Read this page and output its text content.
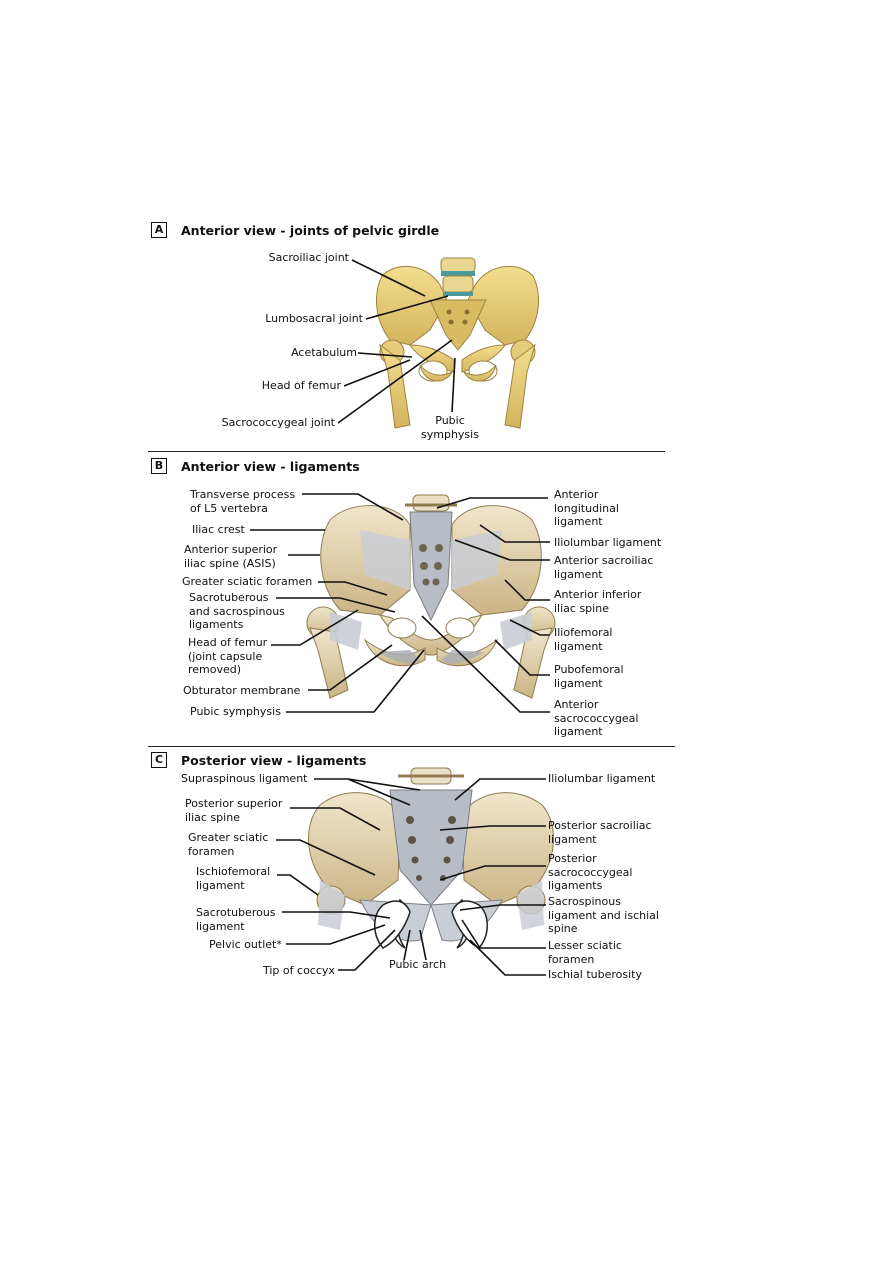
A	Anterior view - joints of pelvic girdle
Sacroiliac joint
Lumbosacral joint
Acetabulum
Head of femur
Sacrococcygeal joint	Pubic
symphysis
B	Anterior view - ligaments
Transverse process
of L5 vertebra
Iliac crest
Anterior superior
iliac spine (ASIS)
Greater sciatic foramen
Sacrotuberous
and sacrospinous
ligaments
Head of femur
(joint capsule
removed)
Obturator membrane
Pubic symphysis
Anterior
longitudinal
ligament
Iliolumbar ligament
Anterior sacroiliac
ligament
Anterior inferior
iliac spine
Iliofemoral
ligament
Pubofemoral
ligament
Anterior
sacrococcygeal
ligament
C	Posterior view - ligaments
Supraspinous ligament
Posterior superior
iliac spine
Greater sciatic
foramen
Ischiofemoral
ligament
Sacrotuberous
ligament
Pelvic outlet*
Tip of coccyx	Pubic arch
Iliolumbar ligament
Posterior sacroiliac
ligament
Posterior
sacrococcygeal
ligaments
Sacrospinous
ligament and ischial
spine
Lesser sciatic
foramen
Ischial tuberosity
